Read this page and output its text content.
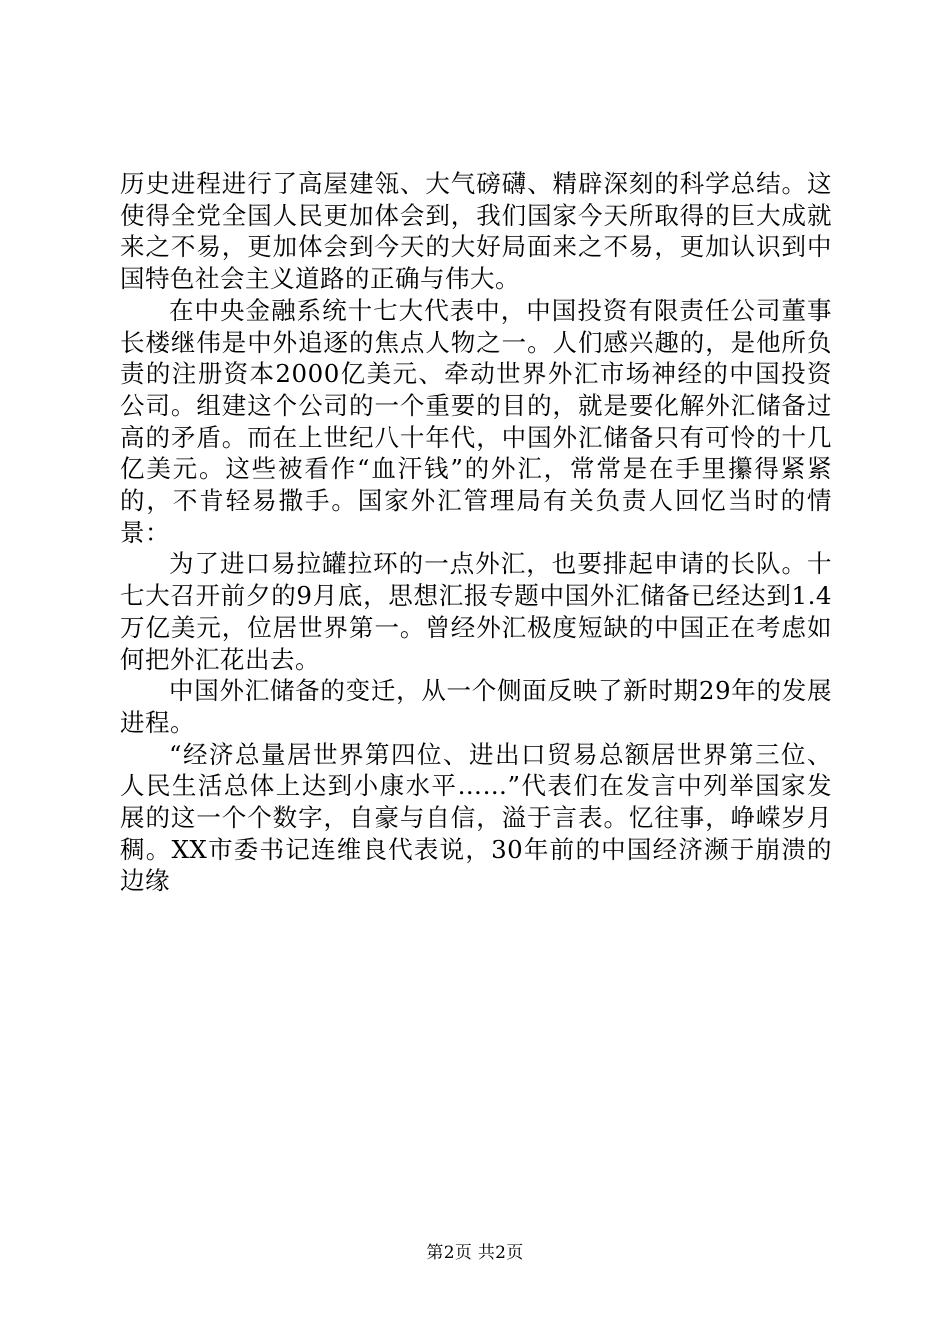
历史进程进行了高屋建瓴、大气磅礴、精辟深刻的科学总结。这使得全党全国人民更加体会到，我们国家今天所取得的巨大成就来之不易，更加体会到今天的大好局面来之不易，更加认识到中国特色社会主义道路的正确与伟大。

在中央金融系统十七大代表中，中国投资有限责任公司董事长楼继伟是中外追逐的焦点人物之一。人们感兴趣的，是他所负责的注册资本2000亿美元、牵动世界外汇市场神经的中国投资公司。组建这个公司的一个重要的目的，就是要化解外汇储备过高的矛盾。而在上世纪八十年代，中国外汇储备只有可怜的十几亿美元。这些被看作“血汗钱”的外汇，常常是在手里攥得紧紧的，不肯轻易撒手。国家外汇管理局有关负责人回忆当时的情景：

为了进口易拉罐拉环的一点外汇，也要排起申请的长队。十七大召开前夕的9月底，思想汇报专题中国外汇储备已经达到1.4万亿美元，位居世界第一。曾经外汇极度短缺的中国正在考虑如何把外汇花出去。

中国外汇储备的变迁，从一个侧面反映了新时期29年的发展进程。

“经济总量居世界第四位、进出口贸易总额居世界第三位、人民生活总体上达到小康水平……”代表们在发言中列举国家发展的这一个个数字，自豪与自信，溢于言表。忆往事，峥嵘岁月稠。XX市委书记连维良代表说，30年前的中国经济濒于崩溃的边缘

第2页 共2页
